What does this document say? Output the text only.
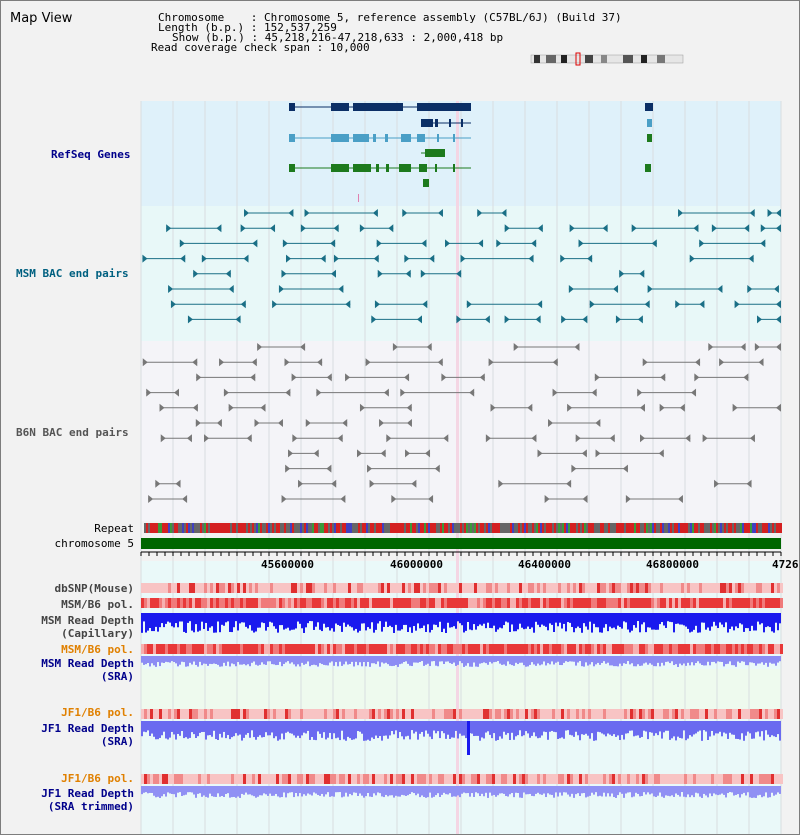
Map View	Chromosome    : Chromosome 5, reference assembly (C57BL/6J) (Build 37)
Length (b.p.) : 152,537,259
Show (b.p.) : 45,218,216-47,218,633 : 2,000,418 bp
Read coverage check span : 10,000
RefSeq Genes
MSM BAC end pairs
B6N BAC end pairs
Repeat
chromosome 5
dbSNP(Mouse)
MSM/B6 pol.
MSM Read Depth
(Capillary)
MSM/B6 pol.
MSM Read Depth
(SRA)
JF1/B6 pol.
JF1 Read Depth
(SRA)
JF1/B6 pol.
JF1 Read Depth
(SRA trimmed)
45600000	46000000	46400000	46800000	4726
